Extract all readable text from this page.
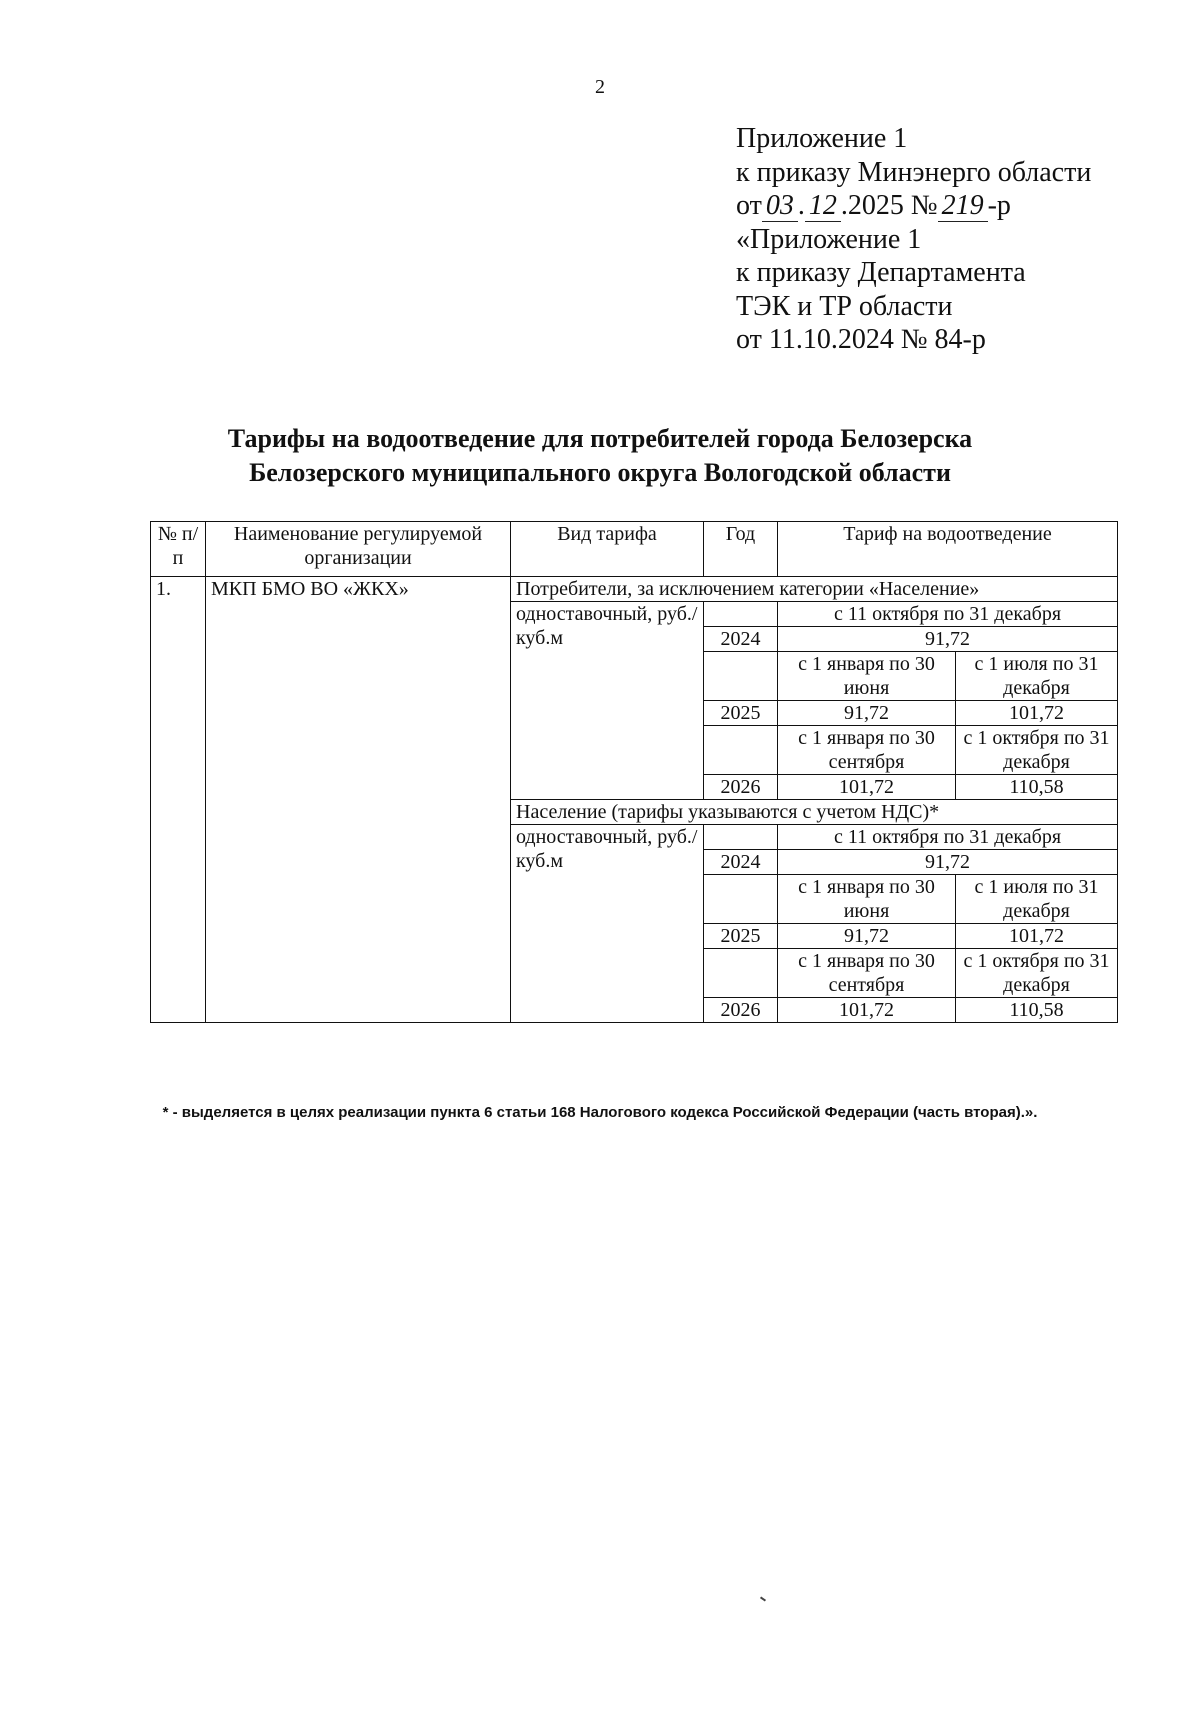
2
Приложение 1
к приказу Минэнерго области
от 03 . 12 .2025 № 219 -р
«Приложение 1
к приказу Департамента
ТЭК и ТР области
от 11.10.2024 № 84-р
Тарифы на водоотведение для потребителей города Белозерска
Белозерского муниципального округа Вологодской области
№ п/п	Наименование регулируемой организации	Вид тарифа	Год	Тариф на водоотведение	
1.	МКП БМО ВО «ЖКХ»	Потребители, за исключением категории «Население»			
		одноставочный, руб./куб.м		с 11 октября по 31 декабря	
			2024	91,72	
				с 1 января по 30 июня	с 1 июля по 31 декабря
			2025	91,72	101,72
				с 1 января по 30 сентября	с 1 октября по 31 декабря
			2026	101,72	110,58
		Население (тарифы указываются с учетом НДС)*			
		одноставочный, руб./куб.м		с 11 октября по 31 декабря	
			2024	91,72	
				с 1 января по 30 июня	с 1 июля по 31 декабря
			2025	91,72	101,72
				с 1 января по 30 сентября	с 1 октября по 31 декабря
			2026	101,72	110,58
* - выделяется в целях реализации пункта 6 статьи 168 Налогового кодекса Российской Федерации (часть вторая).».
